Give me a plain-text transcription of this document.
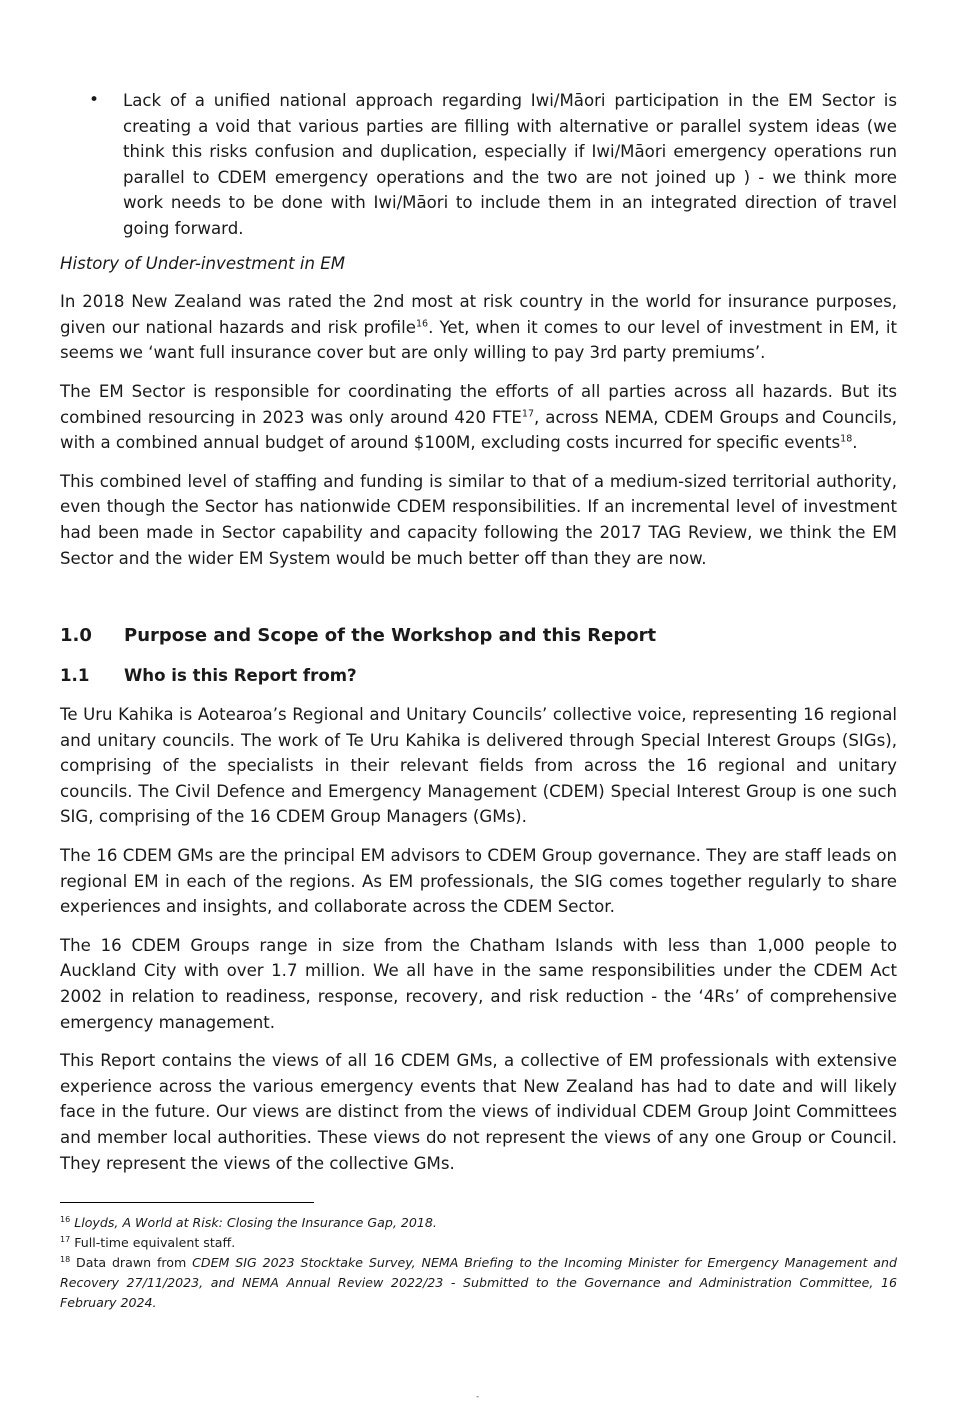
• Lack of a unified national approach regarding Iwi/Māori participation in the EM Sector is creating a void that various parties are filling with alternative or parallel system ideas (we think this risks confusion and duplication, especially if Iwi/Māori emergency operations run parallel to CDEM emergency operations and the two are not joined up ) - we think more work needs to be done with Iwi/Māori to include them in an integrated direction of travel going forward.

History of Under-investment in EM

In 2018 New Zealand was rated the 2nd most at risk country in the world for insurance purposes, given our national hazards and risk profile$^{16}$. Yet, when it comes to our level of investment in EM, it seems we ‘want full insurance cover but are only willing to pay 3rd party premiums’.

The EM Sector is responsible for coordinating the efforts of all parties across all hazards. But its combined resourcing in 2023 was only around 420 FTE$^{17}$, across NEMA, CDEM Groups and Councils, with a combined annual budget of around $100M, excluding costs incurred for specific events$^{18}$.

This combined level of staffing and funding is similar to that of a medium-sized territorial authority, even though the Sector has nationwide CDEM responsibilities. If an incremental level of investment had been made in Sector capability and capacity following the 2017 TAG Review, we think the EM Sector and the wider EM System would be much better off than they are now.

1.0	Purpose and Scope of the Workshop and this Report
1.1	Who is this Report from?

Te Uru Kahika is Aotearoa’s Regional and Unitary Councils’ collective voice, representing 16 regional and unitary councils. The work of Te Uru Kahika is delivered through Special Interest Groups (SIGs), comprising of the specialists in their relevant fields from across the 16 regional and unitary councils. The Civil Defence and Emergency Management (CDEM) Special Interest Group is one such SIG, comprising of the 16 CDEM Group Managers (GMs).

The 16 CDEM GMs are the principal EM advisors to CDEM Group governance. They are staff leads on regional EM in each of the regions. As EM professionals, the SIG comes together regularly to share experiences and insights, and collaborate across the CDEM Sector.

The 16 CDEM Groups range in size from the Chatham Islands with less than 1,000 people to Auckland City with over 1.7 million. We all have in the same responsibilities under the CDEM Act 2002 in relation to readiness, response, recovery, and risk reduction - the ‘4Rs’ of comprehensive emergency management.

This Report contains the views of all 16 CDEM GMs, a collective of EM professionals with extensive experience across the various emergency events that New Zealand has had to date and will likely face in the future. Our views are distinct from the views of individual CDEM Group Joint Committees and member local authorities. These views do not represent the views of any one Group or Council. They represent the views of the collective GMs.

$^{16}$ Lloyds, A World at Risk: Closing the Insurance Gap, 2018.

$^{17}$ Full-time equivalent staff.

$^{18}$ Data drawn from CDEM SIG 2023 Stocktake Survey, NEMA Briefing to the Incoming Minister for Emergency Management and Recovery 27/11/2023, and NEMA Annual Review 2022/23 - Submitted to the Governance and Administration Committee, 16 February 2024.

-
